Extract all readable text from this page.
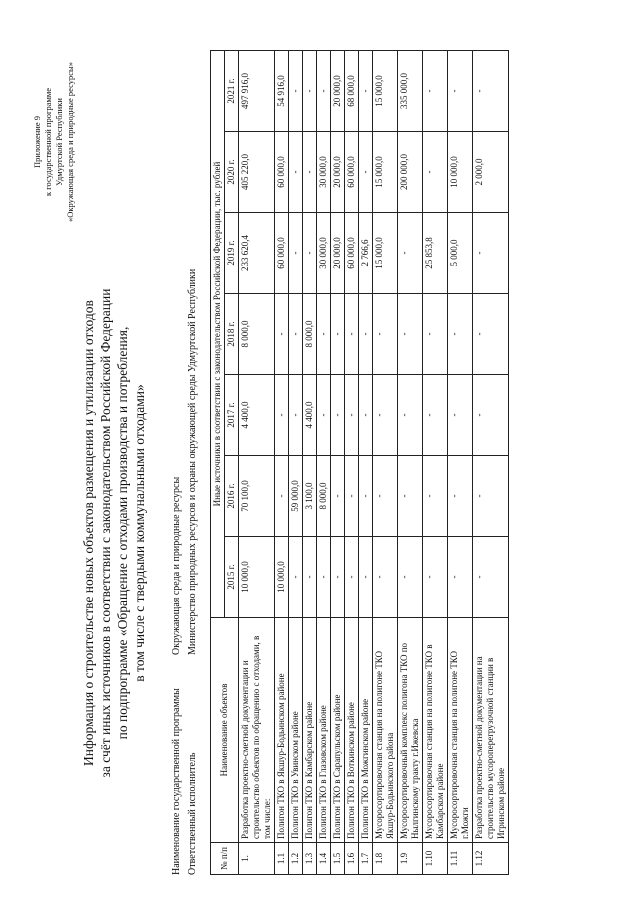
Приложение 9 к государственной программе Удмуртской Республики «Окружающая среда и природные ресурсы»
Информация о строительстве новых объектов размещения и утилизации отходов за счёт иных источников в соответствии с законодательством Российской Федерации по подпрограмме «Обращение с отходами производства и потребления, в том числе с твердыми коммунальными отходами»
Наименование государственной программы
Окружающая среда и природные ресурсы
Ответственный исполнитель
Министерство природных ресурсов и охраны окружающей среды Удмуртской Республики
№ п/п	Наименование объектов	Иные источники в соответствии с законодательством Российской Федерации, тыс. рублей						
		2015 г.	2016 г.	2017 г.	2018 г.	2019 г.	2020 г.	2021 г.
1.	Разработка проектно-сметной документации и строительство объектов по обращению с отходами, в том числе:	10 000,0	70 100,0	4 400,0	8 000,0	233 620,4	405 220,0	497 916,0
1.1	Полигон ТКО в Якшур-Бодьинском районе	10 000,0	-	-	-	60 000,0	60 000,0	54 916,0
1.2	Полигон ТКО в Увинском районе	-	59 000,0	-	-	-	-	-
1.3	Полигон ТКО в Камбарском районе	-	3 100,0	4 400,0	8 000,0	-	-	-
1.4	Полигон ТКО в Глазовском районе	-	8 000,0	-	-	30 000,0	30 000,0	-
1.5	Полигон ТКО в Сарапульском районе	-	-	-	-	20 000,0	20 000,0	20 000,0
1.6	Полигон ТКО в Воткинском районе	-	-	-	-	60 000,0	60 000,0	68 000,0
1.7	Полигон ТКО в Можгинском районе	-	-	-	-	2 766,6	-	-
1.8	Мусоросортировочная станция на полигоне ТКО Якшур-Бодьинского района	-	-	-	-	15 000,0	15 000,0	15 000,0
1.9	Мусоросортировочный комплекс полигона ТКО по Нылгинскому тракту г.Ижевска	-	-	-	-	-	200 000,0	335 000,0
1.10	Мусоросортировочная станция на полигоне ТКО в Камбарском районе	-	-	-	-	25 853,8	-	-
1.11	Мусоросортировочная станция на полигоне ТКО г.Можги	-	-	-	-	5 000,0	10 000,0	-
1.12	Разработка проектно-сметной документации на строительство мусороперегрузочной станции в Игринском районе	-	-	-	-	-	2 000,0	-
